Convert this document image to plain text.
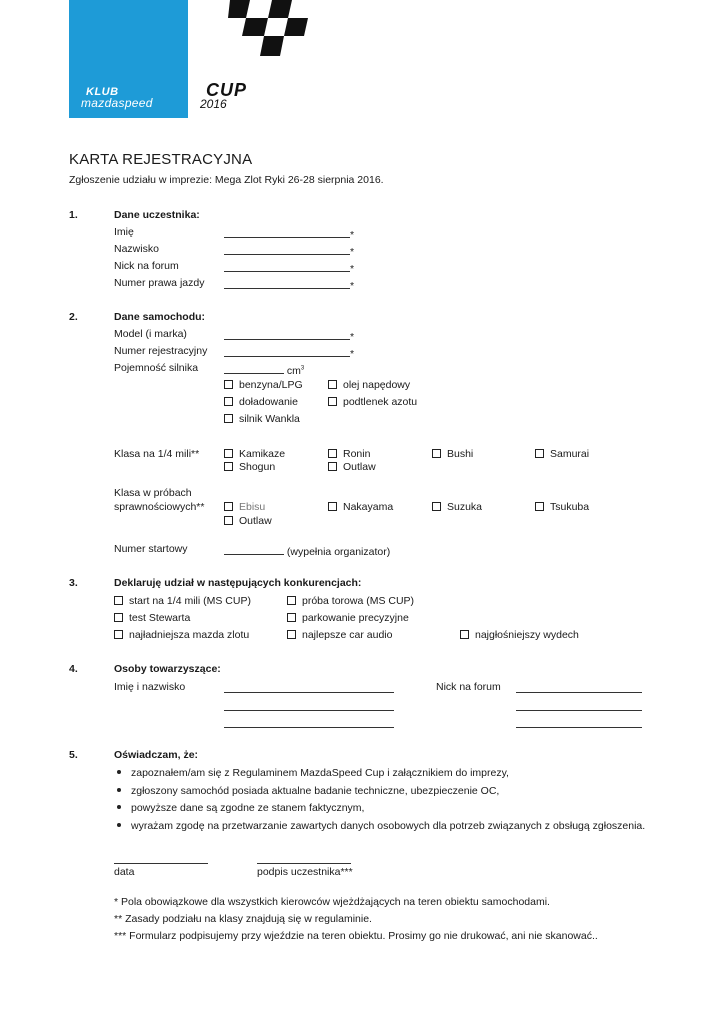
KLUB
mazdaspeed
CUP
2016
KARTA REJESTRACYJNA
Zgłoszenie udziału w imprezie: Mega Zlot Ryki 26-28 sierpnia 2016.
1.	Dane uczestnika:
Imię	*
Nazwisko	*
Nick na forum	*
Numer prawa jazdy	*
2.	Dane samochodu:
Model (i marka)	*
Numer rejestracyjny	*
Pojemność silnika	$cm^3$
benzyna/LPG	olej napędowy
doładowanie	podtlenek azotu
silnik Wankla
Klasa na 1/4 mili**	Kamikaze	Ronin	Bushi	Samurai
Shogun	Outlaw
Klasa w próbach
sprawnościowych**	Ebisu	Nakayama	Suzuka	Tsukuba
Outlaw
Numer startowy	(wypełnia organizator)
3.	Deklaruję udział w następujących konkurencjach:
start na 1/4 mili (MS CUP)	próba torowa (MS CUP)
test Stewarta	parkowanie precyzyjne
najładniejsza mazda zlotu	najlepsze car audio	najgłośniejszy wydech
4.	Osoby towarzyszące:
Imię i nazwisko	Nick na forum
5.	Oświadczam, że:
zapoznałem/am się z Regulaminem MazdaSpeed Cup i załącznikiem do imprezy,
zgłoszony samochód posiada aktualne badanie techniczne, ubezpieczenie OC,
powyższe dane są zgodne ze stanem faktycznym,
wyrażam zgodę na przetwarzanie zawartych danych osobowych dla potrzeb związanych z obsługą zgłoszenia.
data	podpis uczestnika***
* Pola obowiązkowe dla wszystkich kierowców wjeżdżających na teren obiektu samochodami.
** Zasady podziału na klasy znajdują się w regulaminie.
*** Formularz podpisujemy przy wjeździe na teren obiektu. Prosimy go nie drukować, ani nie skanować..
